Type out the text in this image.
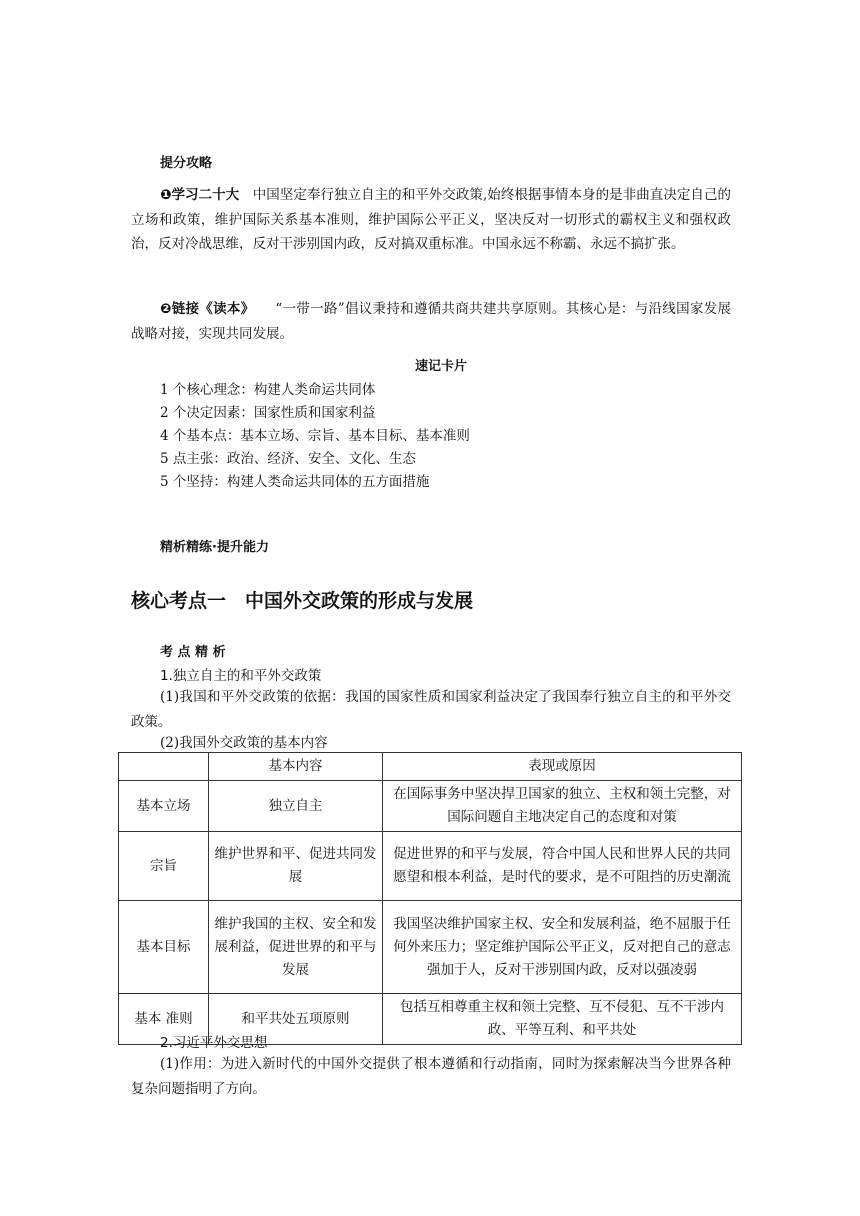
提分攻略
❶学习二十大　 中国坚定奉行独立自主的和平外交政策,始终根据事情本身的是非曲直决定自己的立场和政策，维护国际关系基本准则，维护国际公平正义，坚决反对一切形式的霸权主义和强权政治，反对冷战思维，反对干涉别国内政，反对搞双重标准。中国永远不称霸、永远不搞扩张。
❷链接《读本》　　 “一带一路”倡议秉持和遵循共商共建共享原则。其核心是：与沿线国家发展战略对接，实现共同发展。
速记卡片
1 个核心理念：构建人类命运共同体
2 个决定因素：国家性质和国家利益
4 个基本点：基本立场、宗旨、基本目标、基本准则
5 点主张：政治、经济、安全、文化、生态
5 个坚持：构建人类命运共同体的五方面措施
精析精练·提升能力
核心考点一　中国外交政策的形成与发展
考 点 精 析
1.独立自主的和平外交政策
(1)我国和平外交政策的依据：我国的国家性质和国家利益决定了我国奉行独立自主的和平外交政策。
(2)我国外交政策的基本内容
	基本内容	表现或原因
基本立场	独立自主	在国际事务中坚决捍卫国家的独立、主权和领土完整，对国际问题自主地决定自己的态度和对策
宗旨	维护世界和平、促进共同发展	促进世界的和平与发展，符合中国人民和世界人民的共同愿望和根本利益，是时代的要求，是不可阻挡的历史潮流
基本目标	维护我国的主权、安全和发展利益，促进世界的和平与发展	我国坚决维护国家主权、安全和发展利益，绝不屈服于任何外来压力；坚定维护国际公平正义，反对把自己的意志强加于人，反对干涉别国内政，反对以强凌弱
基本 准则	和平共处五项原则	包括互相尊重主权和领土完整、互不侵犯、互不干涉内政、平等互利、和平共处
2.习近平外交思想
(1)作用：为进入新时代的中国外交提供了根本遵循和行动指南，同时为探索解决当今世界各种复杂问题指明了方向。
